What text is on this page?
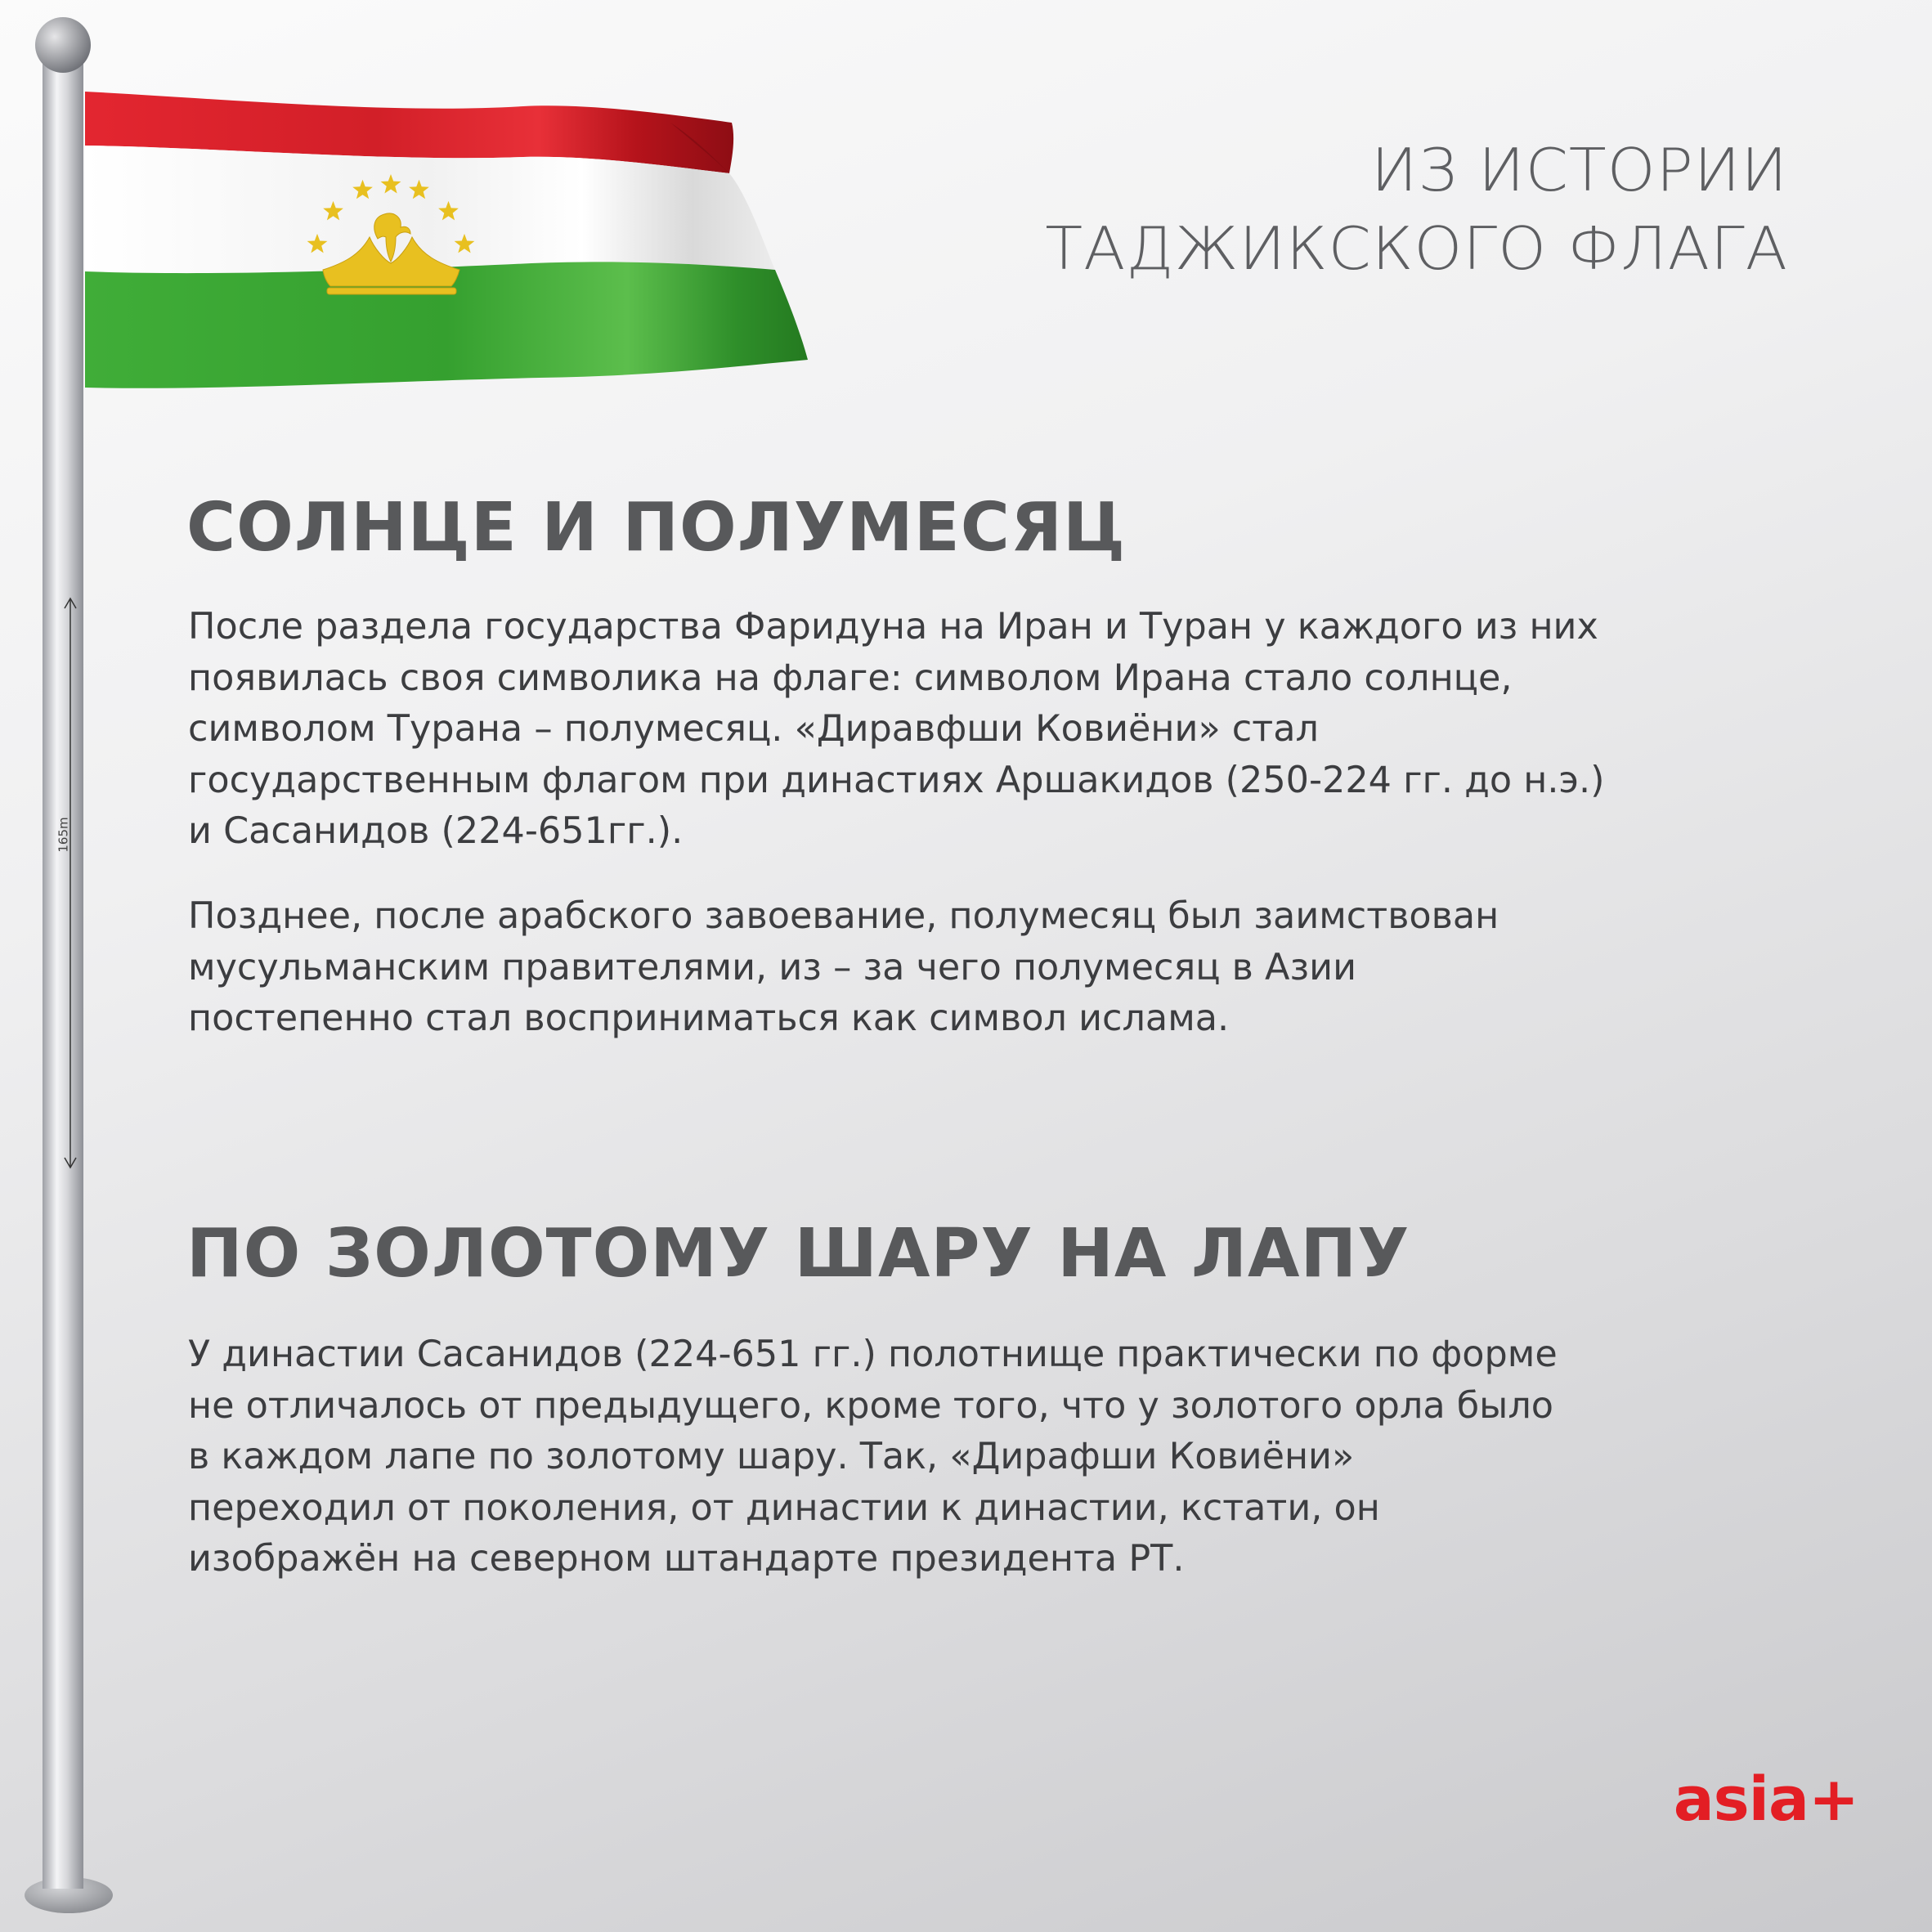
165m
ИЗ ИСТОРИИ
ТАДЖИКСКОГО ФЛАГА
СОЛНЦЕ И ПОЛУМЕСЯЦ
После раздела государства Фаридуна на Иран и Туран у каждого из них
появилась своя символика на флаге: символом Ирана стало солнце,
символом Турана – полумесяц. «Диравфши Ковиёни» стал
государственным флагом при династиях Аршакидов (250-224 гг. до н.э.)
и Сасанидов (224-651гг.).
Позднее, после арабского завоевание, полумесяц был заимствован
мусульманским правителями, из – за чего полумесяц в Азии
постепенно стал восприниматься как символ ислама.
ПО ЗОЛОТОМУ ШАРУ НА ЛАПУ
У династии Сасанидов (224-651 гг.) полотнище практически по форме
не отличалось от предыдущего, кроме того, что у золотого орла было
в каждом лапе по золотому шару. Так, «Дирафши Ковиёни»
переходил от поколения, от династии к династии, кстати, он
изображён на северном штандарте президента РТ.
asia+
